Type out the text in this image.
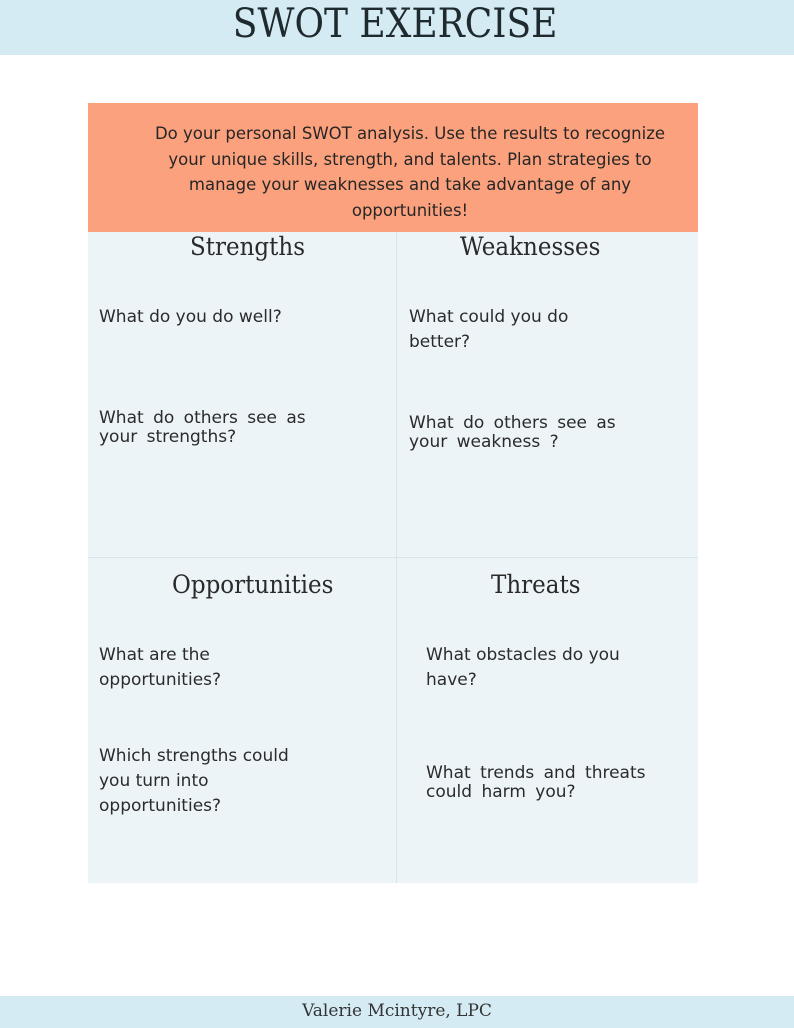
SWOT EXERCISE
Do your personal SWOT analysis. Use the results to recognize your unique skills, strength, and talents. Plan strategies to manage your weaknesses and take advantage of any opportunities!
Strengths
What do you do well?
What do others see as your strengths?
Weaknesses
What could you do better?
What do others see as your weakness ?
Opportunities
What are the opportunities?
Which strengths could you turn into opportunities?
Threats
What obstacles do you have?
What trends and threats could harm you?
Valerie Mcintyre, LPC
